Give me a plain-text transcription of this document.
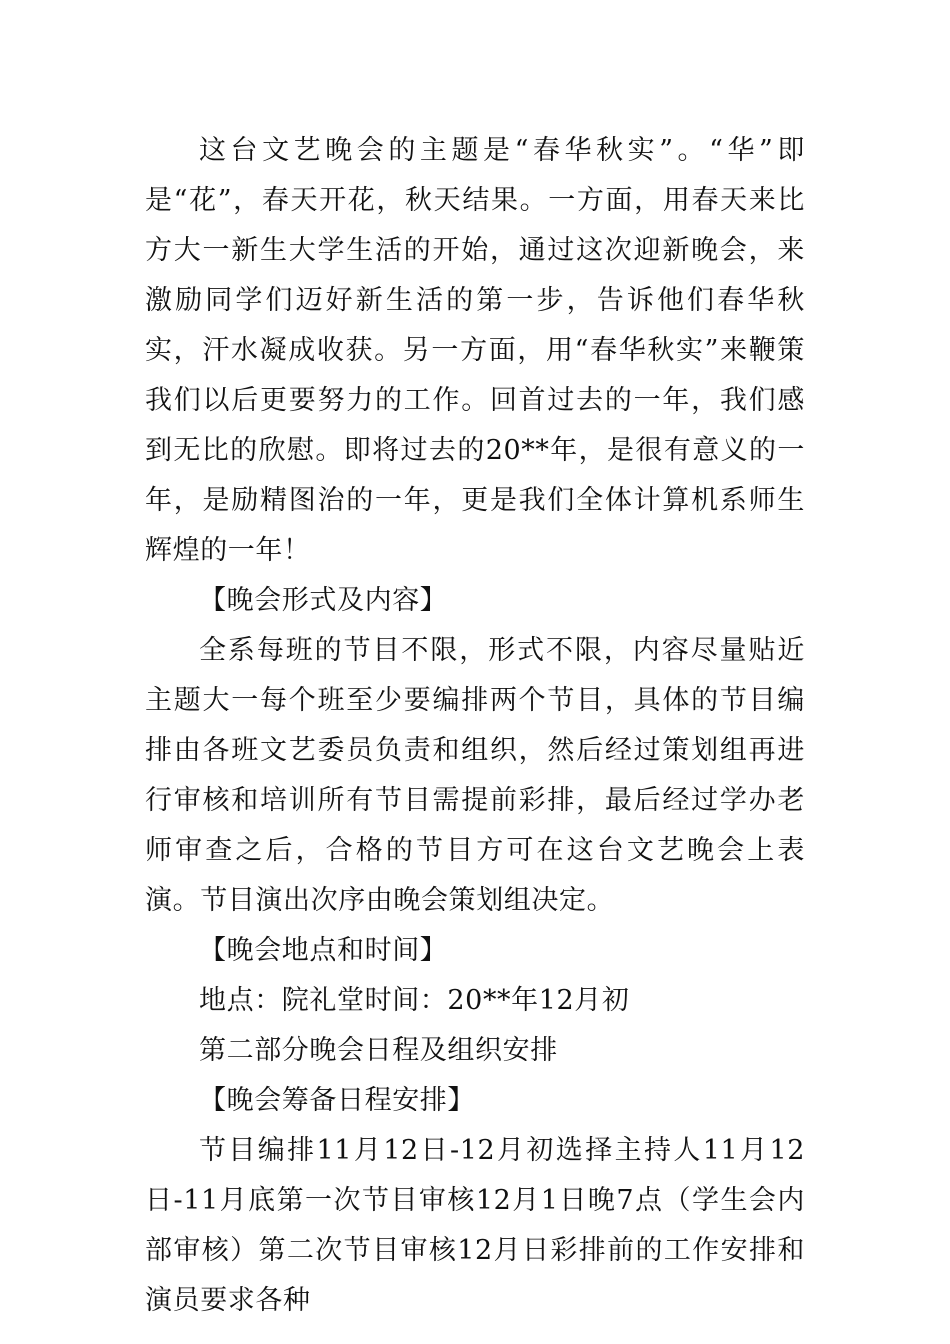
这台文艺晚会的主题是“春华秋实”。“华”即是“花”，春天开花，秋天结果。一方面，用春天来比方大一新生大学生活的开始，通过这次迎新晚会，来激励同学们迈好新生活的第一步，告诉他们春华秋实，汗水凝成收获。另一方面，用“春华秋实”来鞭策我们以后更要努力的工作。回首过去的一年，我们感到无比的欣慰。即将过去的20**年，是很有意义的一年，是励精图治的一年，更是我们全体计算机系师生辉煌的一年！

【晚会形式及内容】

全系每班的节目不限，形式不限，内容尽量贴近主题大一每个班至少要编排两个节目，具体的节目编排由各班文艺委员负责和组织，然后经过策划组再进行审核和培训所有节目需提前彩排，最后经过学办老师审查之后，合格的节目方可在这台文艺晚会上表演。节目演出次序由晚会策划组决定。

【晚会地点和时间】

地点：院礼堂时间：20**年12月初

第二部分晚会日程及组织安排

【晚会筹备日程安排】

节目编排11月12日-12月初选择主持人11月12日-11月底第一次节目审核12月1日晚7点（学生会内部审核）第二次节目审核12月日彩排前的工作安排和演员要求各种
